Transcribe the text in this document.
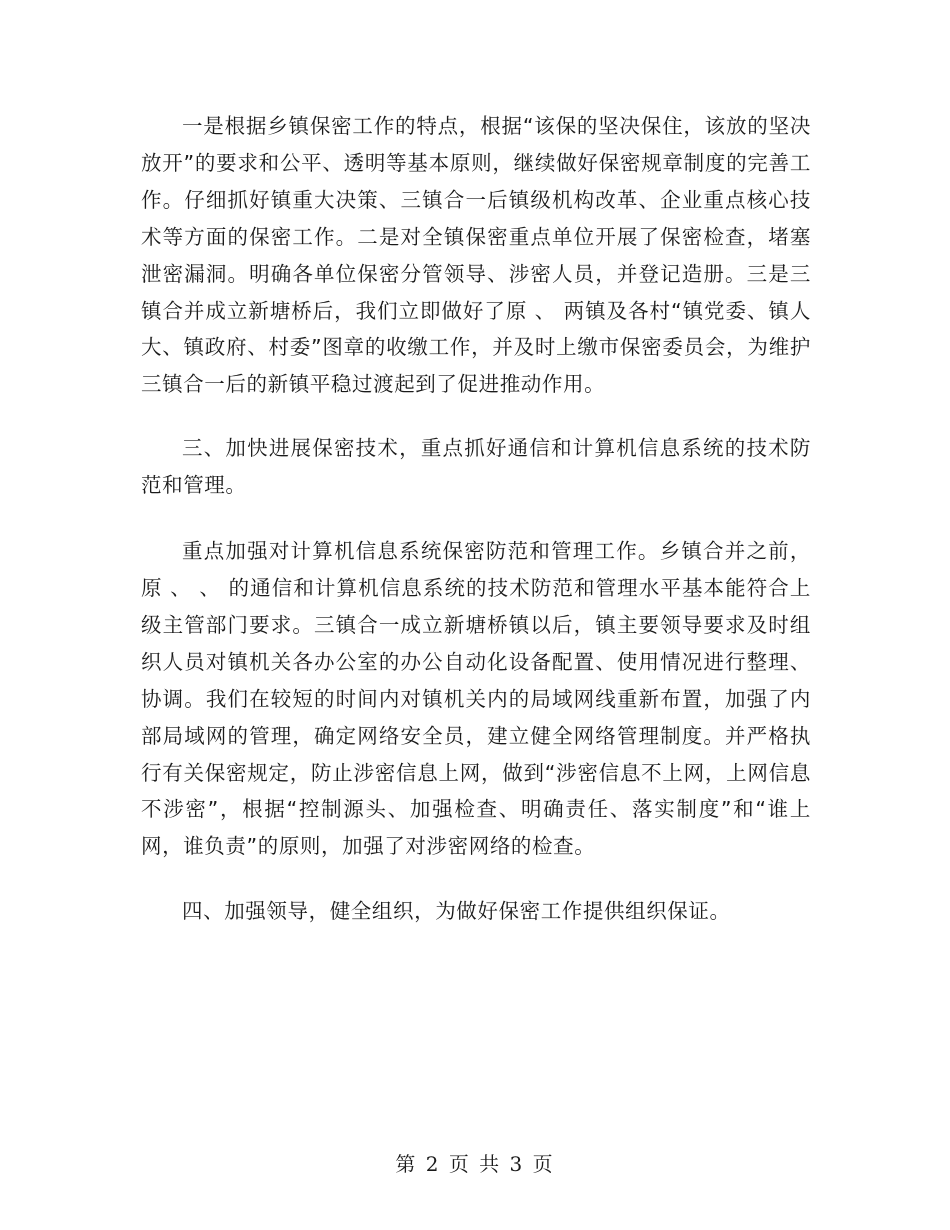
一是根据乡镇保密工作的特点，根据“该保的坚决保住，该放的坚决放开”的要求和公平、透明等基本原则，继续做好保密规章制度的完善工作。仔细抓好镇重大决策、三镇合一后镇级机构改革、企业重点核心技术等方面的保密工作。二是对全镇保密重点单位开展了保密检查，堵塞泄密漏洞。明确各单位保密分管领导、涉密人员，并登记造册。三是三镇合并成立新塘桥后，我们立即做好了原 、 两镇及各村“镇党委、镇人大、镇政府、村委”图章的收缴工作，并及时上缴市保密委员会，为维护三镇合一后的新镇平稳过渡起到了促进推动作用。

三、加快进展保密技术，重点抓好通信和计算机信息系统的技术防范和管理。

重点加强对计算机信息系统保密防范和管理工作。乡镇合并之前，原 、 、 的通信和计算机信息系统的技术防范和管理水平基本能符合上级主管部门要求。三镇合一成立新塘桥镇以后，镇主要领导要求及时组织人员对镇机关各办公室的办公自动化设备配置、使用情况进行整理、协调。我们在较短的时间内对镇机关内的局域网线重新布置，加强了内部局域网的管理，确定网络安全员，建立健全网络管理制度。并严格执行有关保密规定，防止涉密信息上网，做到“涉密信息不上网，上网信息不涉密”，根据“控制源头、加强检查、明确责任、落实制度”和“谁上网，谁负责”的原则，加强了对涉密网络的检查。

四、加强领导，健全组织，为做好保密工作提供组织保证。

第 2 页 共 3 页
